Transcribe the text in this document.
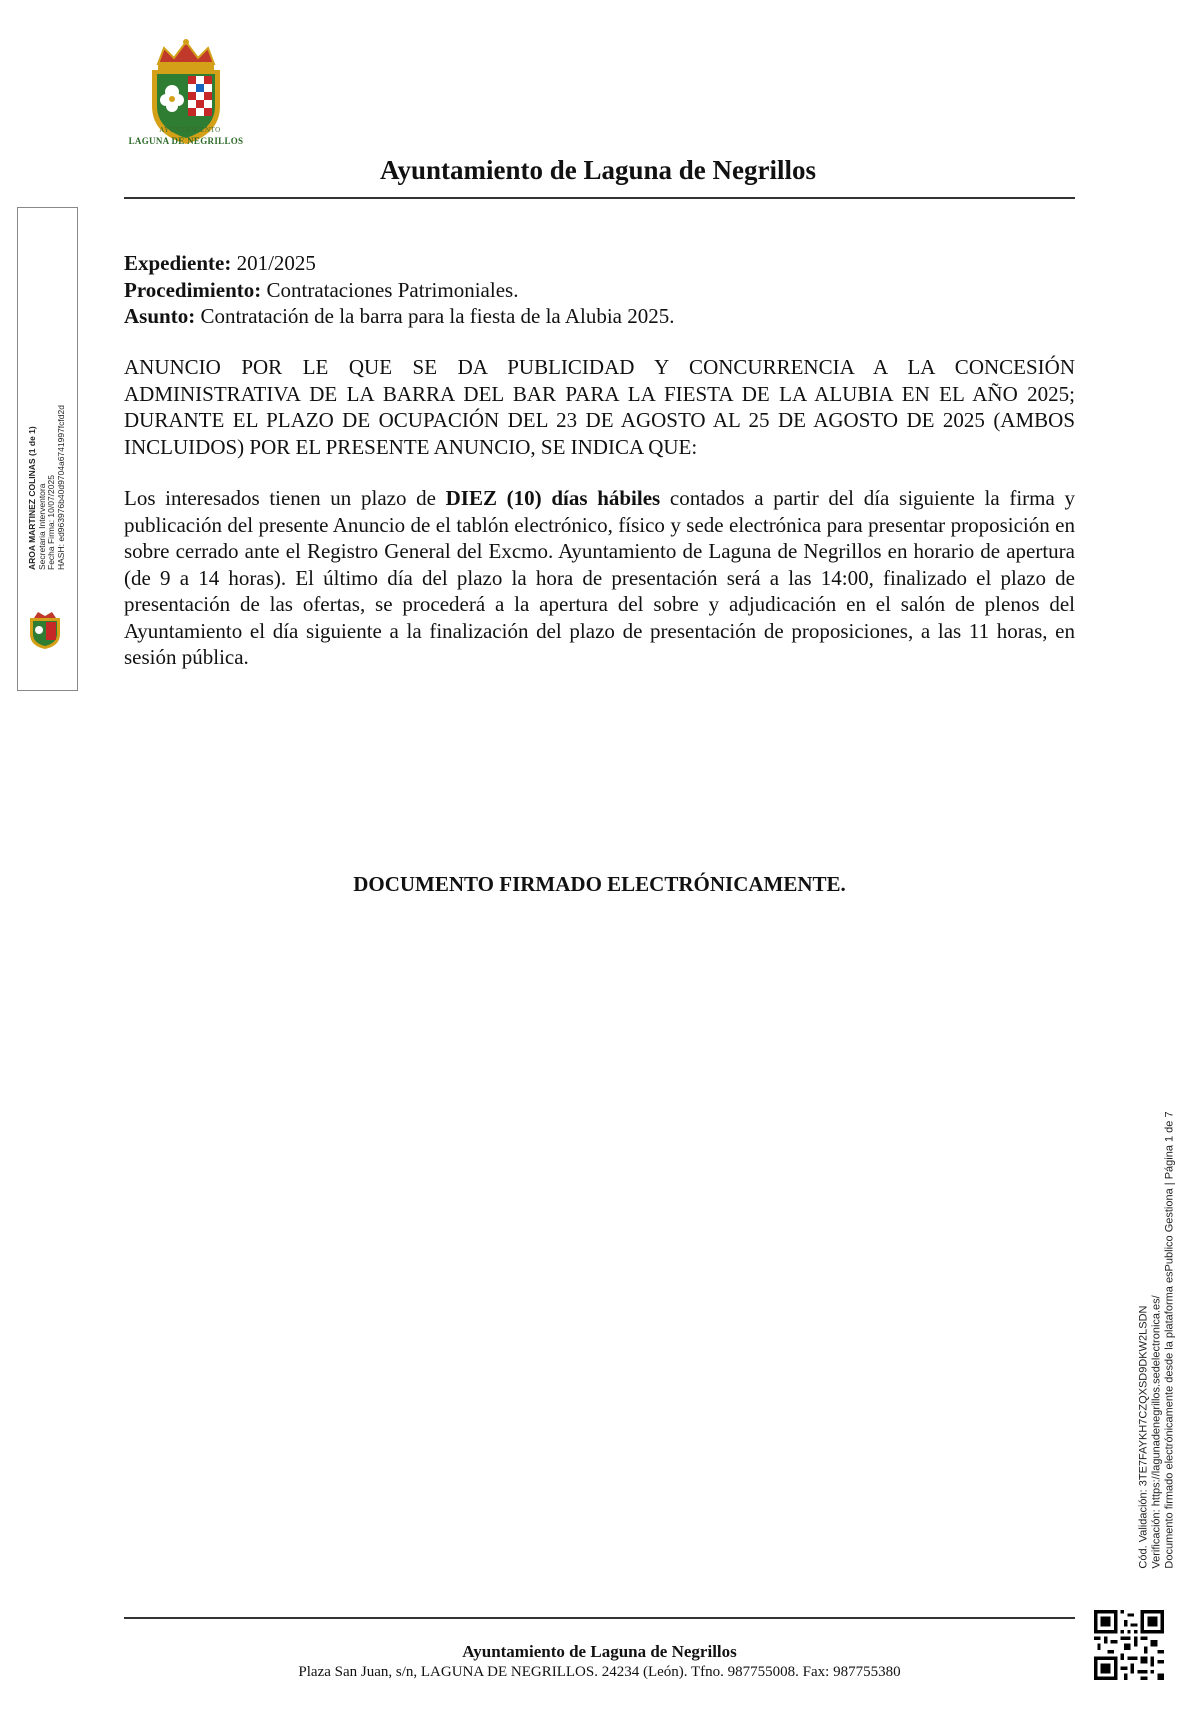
AYUNTAMIENTO
LAGUNA DE NEGRILLOS
Ayuntamiento de Laguna de Negrillos
AROA MARTINEZ COLINAS (1 de 1) Secretaria Interventora Fecha Firma: 10/07/2025 HASH: ed963976b40d9704a6741997fcfd2d
Expediente: 201/2025
Procedimiento: Contrataciones Patrimoniales.
Asunto: Contratación de la barra para la fiesta de la Alubia 2025.
ANUNCIO POR LE QUE SE DA PUBLICIDAD Y CONCURRENCIA A LA CONCESIÓN ADMINISTRATIVA DE LA BARRA DEL BAR PARA LA FIESTA DE LA ALUBIA EN EL AÑO 2025; DURANTE EL PLAZO DE OCUPACIÓN DEL 23 DE AGOSTO AL 25 DE AGOSTO DE 2025 (AMBOS INCLUIDOS) POR EL PRESENTE ANUNCIO, SE INDICA QUE:
Los interesados tienen un plazo de DIEZ (10) días hábiles contados a partir del día siguiente la firma y publicación del presente Anuncio de el tablón electrónico, físico y sede electrónica para presentar proposición en sobre cerrado ante el Registro General del Excmo. Ayuntamiento de Laguna de Negrillos en horario de apertura (de 9 a 14 horas). El último día del plazo la hora de presentación será a las 14:00, finalizado el plazo de presentación de las ofertas, se procederá a la apertura del sobre y adjudicación en el salón de plenos del Ayuntamiento el día siguiente a la finalización del plazo de presentación de proposiciones, a las 11 horas, en sesión pública.
DOCUMENTO FIRMADO ELECTRÓNICAMENTE.
Cód. Validación: 3TE7FAYKH7CZQXSD9DKW2LSDN Verificación: https://lagunadenegrillos.sedelectronica.es/ Documento firmado electrónicamente desde la plataforma esPublico Gestiona | Página 1 de 7
Ayuntamiento de Laguna de Negrillos
Plaza San Juan, s/n, LAGUNA DE NEGRILLOS. 24234 (León). Tfno. 987755008. Fax: 987755380
